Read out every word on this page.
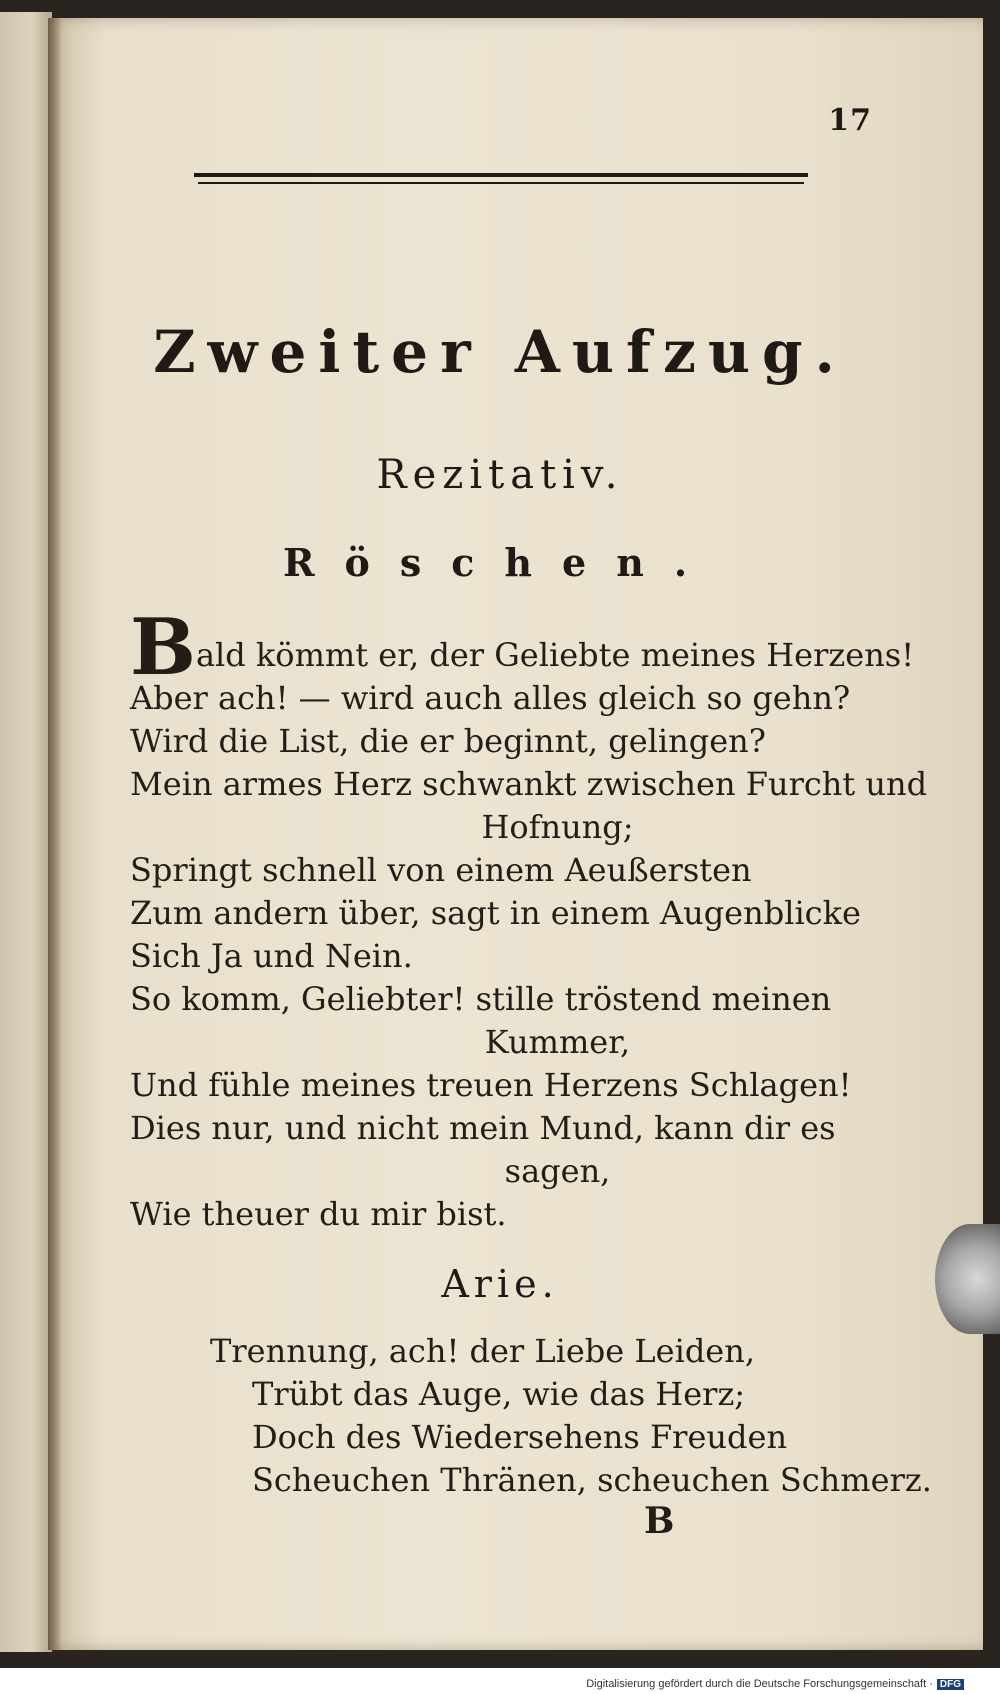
17
Zweiter Aufzug.
Rezitativ.
Röschen.
Bald kömmt er, der Geliebte meines Herzens!
Aber ach! — wird auch alles gleich so gehn?
Wird die List, die er beginnt, gelingen?
Mein armes Herz schwankt zwischen Furcht und
Hofnung;
Springt schnell von einem Aeußersten
Zum andern über, sagt in einem Augenblicke
Sich Ja und Nein.
So komm, Geliebter! stille tröstend meinen
Kummer,
Und fühle meines treuen Herzens Schlagen!
Dies nur, und nicht mein Mund, kann dir es
sagen,
Wie theuer du mir bist.
Arie.
Trennung, ach! der Liebe Leiden,
Trübt das Auge, wie das Herz;
Doch des Wiedersehens Freuden
Scheuchen Thränen, scheuchen Schmerz.
B
Digitalisierung gefördert durch die Deutsche Forschungsgemeinschaft · DFG
